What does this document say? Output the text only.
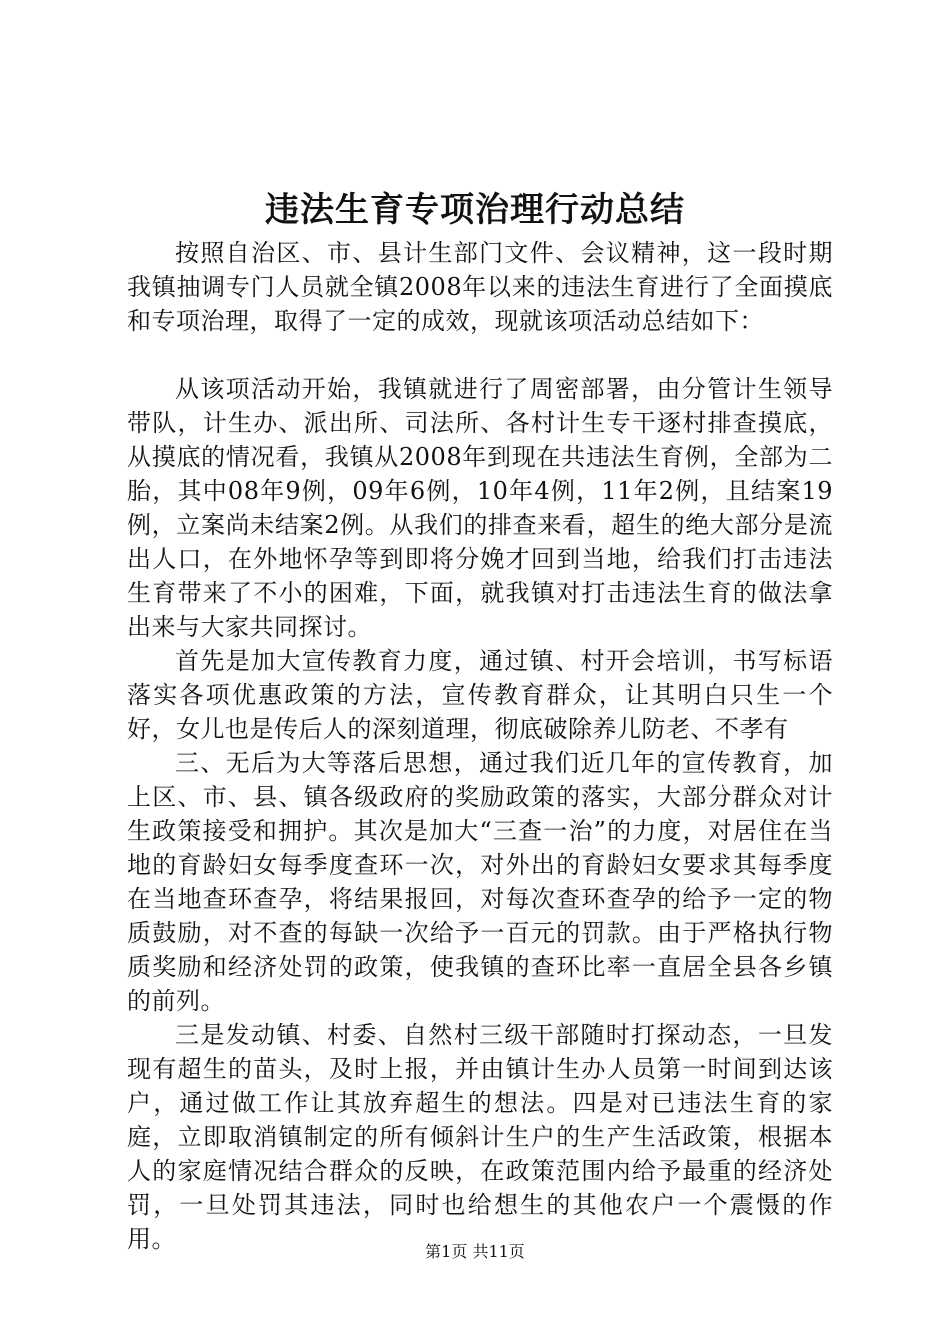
违法生育专项治理行动总结

按照自治区、市、县计生部门文件、会议精神，这一段时期我镇抽调专门人员就全镇2008年以来的违法生育进行了全面摸底和专项治理，取得了一定的成效，现就该项活动总结如下：

从该项活动开始，我镇就进行了周密部署，由分管计生领导带队，计生办、派出所、司法所、各村计生专干逐村排查摸底，从摸底的情况看，我镇从2008年到现在共违法生育例，全部为二胎，其中08年9例，09年6例，10年4例，11年2例，且结案19例，立案尚未结案2例。从我们的排查来看，超生的绝大部分是流出人口，在外地怀孕等到即将分娩才回到当地，给我们打击违法生育带来了不小的困难，下面，就我镇对打击违法生育的做法拿出来与大家共同探讨。

首先是加大宣传教育力度，通过镇、村开会培训，书写标语落实各项优惠政策的方法，宣传教育群众，让其明白只生一个好，女儿也是传后人的深刻道理，彻底破除养儿防老、不孝有

三、无后为大等落后思想，通过我们近几年的宣传教育，加上区、市、县、镇各级政府的奖励政策的落实，大部分群众对计生政策接受和拥护。其次是加大“三查一治”的力度，对居住在当地的育龄妇女每季度查环一次，对外出的育龄妇女要求其每季度在当地查环查孕，将结果报回，对每次查环查孕的给予一定的物质鼓励，对不查的每缺一次给予一百元的罚款。由于严格执行物质奖励和经济处罚的政策，使我镇的查环比率一直居全县各乡镇的前列。

三是发动镇、村委、自然村三级干部随时打探动态，一旦发现有超生的苗头，及时上报，并由镇计生办人员第一时间到达该户，通过做工作让其放弃超生的想法。四是对已违法生育的家庭，立即取消镇制定的所有倾斜计生户的生产生活政策，根据本人的家庭情况结合群众的反映，在政策范围内给予最重的经济处罚，一旦处罚其违法，同时也给想生的其他农户一个震慑的作用。	第1页 共11页
